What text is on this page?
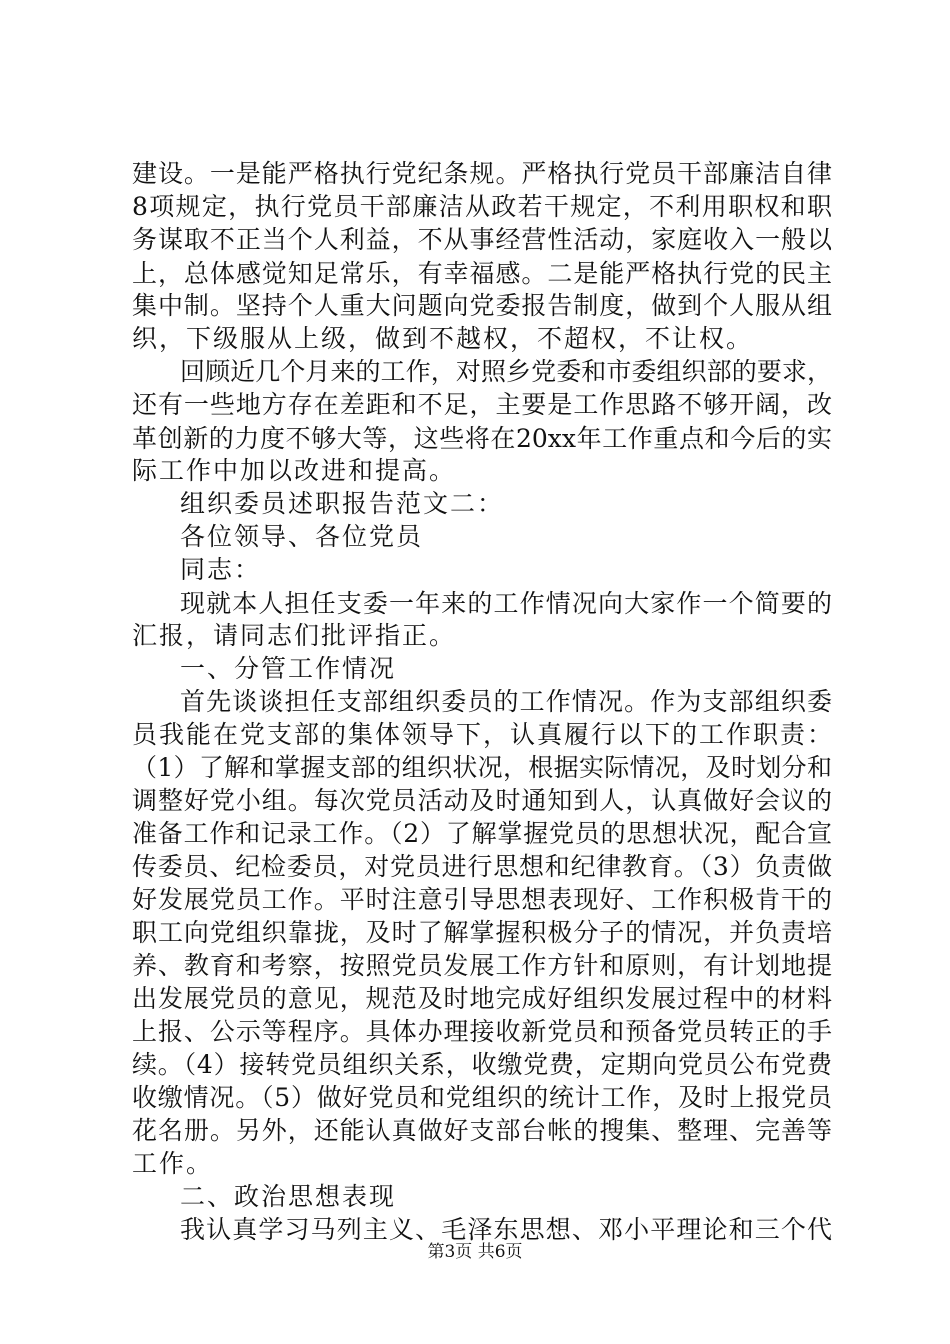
第3页 共6页
建设。一是能严格执行党纪条规。严格执行党员干部廉洁自律
8项规定，执行党员干部廉洁从政若干规定，不利用职权和职
务谋取不正当个人利益，不从事经营性活动，家庭收入一般以
上，总体感觉知足常乐，有幸福感。二是能严格执行党的民主
集中制。坚持个人重大问题向党委报告制度，做到个人服从组
织，下级服从上级，做到不越权，不超权，不让权。
回顾近几个月来的工作，对照乡党委和市委组织部的要求，
还有一些地方存在差距和不足，主要是工作思路不够开阔，改
革创新的力度不够大等，这些将在20xx年工作重点和今后的实
际工作中加以改进和提高。
组织委员述职报告范文二：
各位领导、各位党员
同志：
现就本人担任支委一年来的工作情况向大家作一个简要的
汇报，请同志们批评指正。
一、分管工作情况
首先谈谈担任支部组织委员的工作情况。作为支部组织委
员我能在党支部的集体领导下，认真履行以下的工作职责：
（1）了解和掌握支部的组织状况，根据实际情况，及时划分和
调整好党小组。每次党员活动及时通知到人，认真做好会议的
准备工作和记录工作。（2）了解掌握党员的思想状况，配合宣
传委员、纪检委员，对党员进行思想和纪律教育。（3）负责做
好发展党员工作。平时注意引导思想表现好、工作积极肯干的
职工向党组织靠拢，及时了解掌握积极分子的情况，并负责培
养、教育和考察，按照党员发展工作方针和原则，有计划地提
出发展党员的意见，规范及时地完成好组织发展过程中的材料
上报、公示等程序。具体办理接收新党员和预备党员转正的手
续。（4）接转党员组织关系，收缴党费，定期向党员公布党费
收缴情况。（5）做好党员和党组织的统计工作，及时上报党员
花名册。另外，还能认真做好支部台帐的搜集、整理、完善等
工作。
二、政治思想表现
我认真学习马列主义、毛泽东思想、邓小平理论和三个代
